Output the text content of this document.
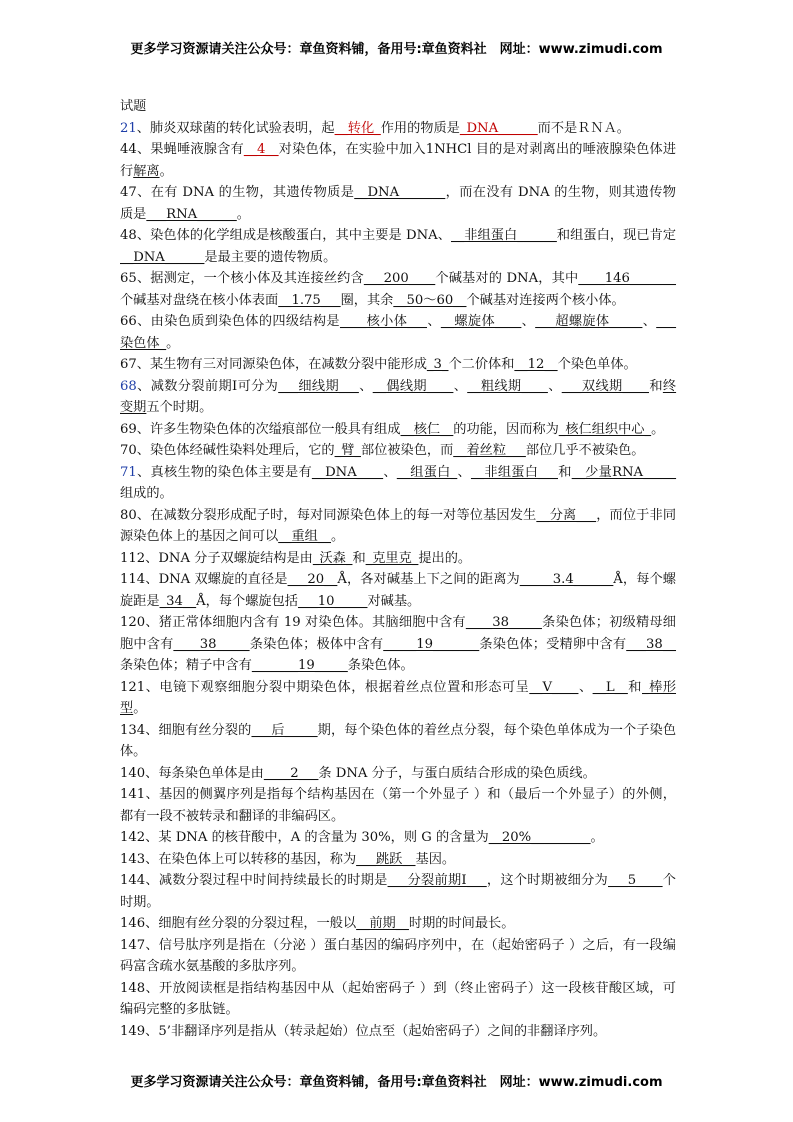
更多学习资源请关注公众号：章鱼资料铺，备用号:章鱼资料社　网址：www.zimudi.com

试题

21、肺炎双球菌的转化试验表明，起__转化_作用的物质是_DNA______而不是ＲＮＡ。

44、果蝇唾液腺含有__4__对染色体，在实验中加入1NHCl 目的是对剥离出的唾液腺染色体进行解离。

47、在有 DNA 的生物，其遗传物质是__DNA_______，而在没有 DNA 的生物，则其遗传物质是___RNA______。

48、染色体的化学组成是核酸蛋白，其中主要是 DNA、__非组蛋白______和组蛋白，现已肯定__DNA______是最主要的遗传物质。

65、据测定，一个核小体及其连接丝约含___200____个碱基对的 DNA，其中____146_______个碱基对盘绕在核小体表面__1.75___圈，其余__50～60__个碱基对连接两个核小体。

66、由染色质到染色体的四级结构是____核小体___、__螺旋体____、___超螺旋体_____、___染色体_。

67、某生物有三对同源染色体，在减数分裂中能形成_3_个二价体和__12__个染色单体。

68、减数分裂前期Ⅰ可分为___细线期___、__偶线期____、__粗线期____、___双线期____和终变期五个时期。

69、许多生物染色体的次缢痕部位一般具有组成__核仁__的功能，因而称为_核仁组织中心_。

70、染色体经碱性染料处理后，它的_臂_部位被染色，而__着丝粒___部位几乎不被染色。

71、真核生物的染色体主要是有__DNA____、__组蛋白_、__非组蛋白___和__少量RNA_____组成的。

80、在减数分裂形成配子时，每对同源染色体上的每一对等位基因发生__分离___，而位于非同源染色体上的基因之间可以__重组__。

112、DNA 分子双螺旋结构是由_沃森_和_克里克_提出的。

114、DNA 双螺旋的直径是___20__Å，各对碱基上下之间的距离为_____3.4______Å，每个螺旋距是_34__Å，每个螺旋包括___10_____对碱基。

120、猪正常体细胞内含有 19 对染色体。其脑细胞中含有____38_____条染色体；初级精母细胞中含有____38_____条染色体；极体中含有_____19_______条染色体；受精卵中含有___38__条染色体；精子中含有_______19_____条染色体。

121、电镜下观察细胞分裂中期染色体，根据着丝点位置和形态可呈__V____、__L__和_棒形型。

134、细胞有丝分裂的___后_____期，每个染色体的着丝点分裂，每个染色单体成为一个子染色体。

140、每条染色单体是由____2___条 DNA 分子，与蛋白质结合形成的染色质线。

141、基因的侧翼序列是指每个结构基因在（第一个外显子 ）和（最后一个外显子）的外侧，都有一段不被转录和翻译的非编码区。

142、某 DNA 的核苷酸中，A 的含量为 30%，则 G 的含量为__20%_________。

143、在染色体上可以转移的基因，称为___跳跃__基因。

144、减数分裂过程中时间持续最长的时期是___分裂前期Ⅰ___，这个时期被细分为___5____个时期。

146、细胞有丝分裂的分裂过程，一般以__前期__时期的时间最长。

147、信号肽序列是指在（分泌 ）蛋白基因的编码序列中，在（起始密码子 ）之后，有一段编码富含疏水氨基酸的多肽序列。

148、开放阅读框是指结构基因中从（起始密码子 ）到（终止密码子）这一段核苷酸区域，可编码完整的多肽链。

149、5’非翻译序列是指从（转录起始）位点至（起始密码子）之间的非翻译序列。

更多学习资源请关注公众号：章鱼资料铺，备用号:章鱼资料社　网址：www.zimudi.com
